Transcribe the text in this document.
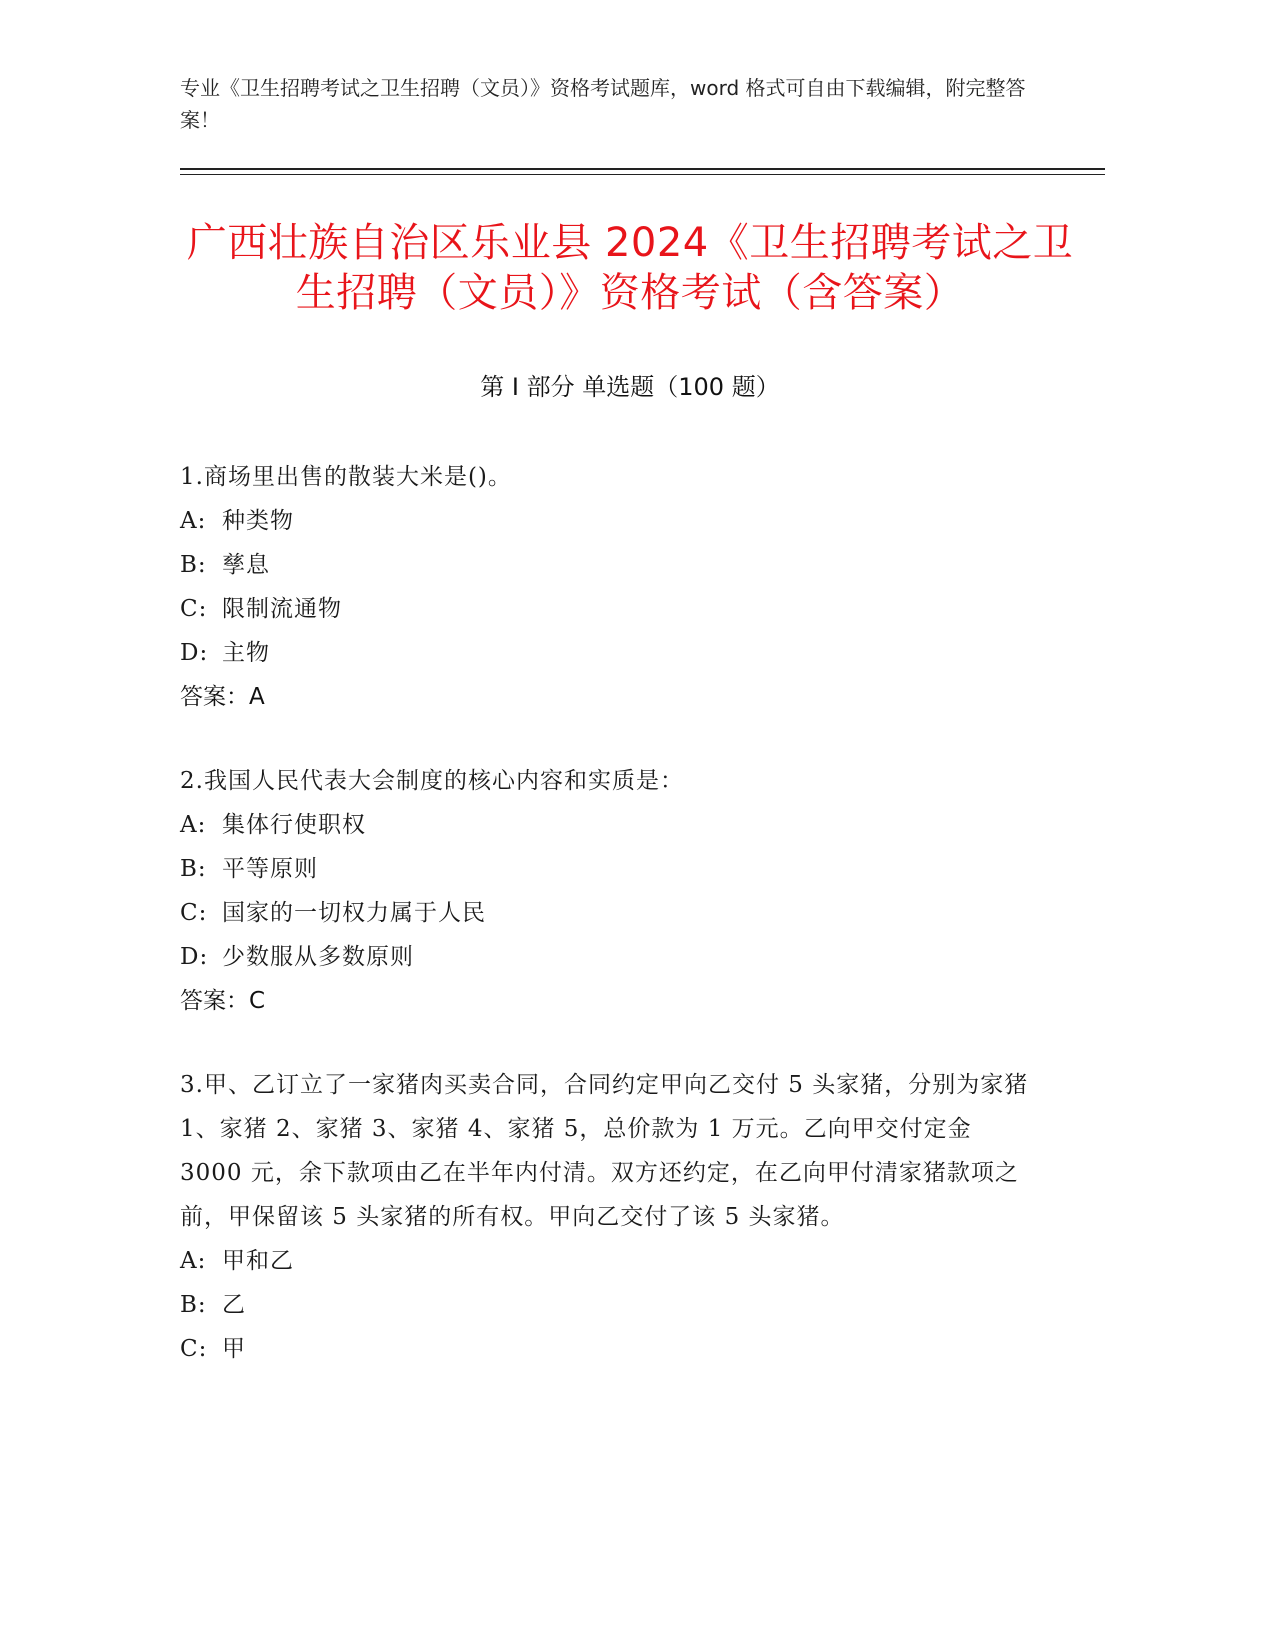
专业《卫生招聘考试之卫生招聘（文员）》资格考试题库，word 格式可自由下载编辑，附完整答案！
广西壮族自治区乐业县 2024《卫生招聘考试之卫生招聘（文员）》资格考试（含答案）
第 I 部分 单选题（100 题）
1.商场里出售的散装大米是()。
A: 种类物
B: 孳息
C: 限制流通物
D: 主物
答案：A
2.我国人民代表大会制度的核心内容和实质是：
A: 集体行使职权
B: 平等原则
C: 国家的一切权力属于人民
D: 少数服从多数原则
答案：C
3.甲、乙订立了一家猪肉买卖合同，合同约定甲向乙交付 5 头家猪，分别为家猪 1、家猪 2、家猪 3、家猪 4、家猪 5，总价款为 1 万元。乙向甲交付定金 3000 元，余下款项由乙在半年内付清。双方还约定，在乙向甲付清家猪款项之前，甲保留该 5 头家猪的所有权。甲向乙交付了该 5 头家猪。
A: 甲和乙
B: 乙
C: 甲
